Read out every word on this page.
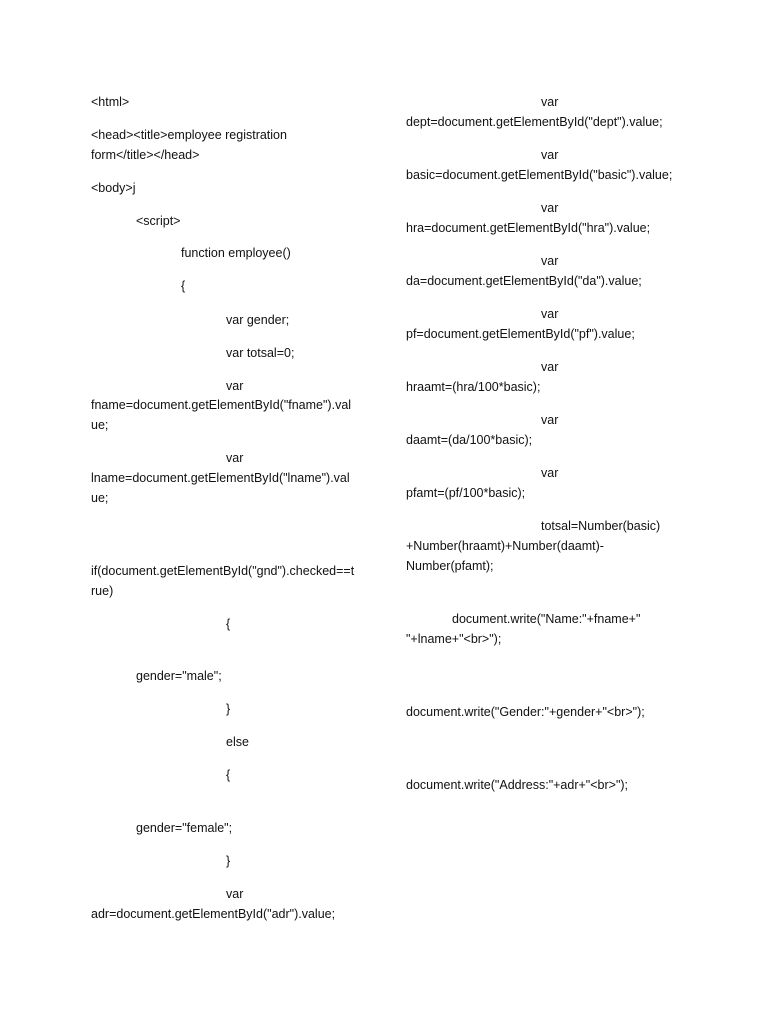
<html>
<head><title>employee registration
form</title></head>
<body>j
<script>
function employee()
{
var gender;
var totsal=0;
var
fname=document.getElementById("fname").val
ue;
var
lname=document.getElementById("lname").val
ue;
if(document.getElementById("gnd").checked==t
rue)
{
gender="male";
}
else
{
gender="female";
}
var
adr=document.getElementById("adr").value;
var
dept=document.getElementById("dept").value;
var
basic=document.getElementById("basic").value;
var
hra=document.getElementById("hra").value;
var
da=document.getElementById("da").value;
var
pf=document.getElementById("pf").value;
var
hraamt=(hra/100*basic);
var
daamt=(da/100*basic);
var
pfamt=(pf/100*basic);
totsal=Number(basic)
+Number(hraamt)+Number(daamt)-
Number(pfamt);
document.write("Name:"+fname+"
"+lname+"<br>");
document.write("Gender:"+gender+"<br>");
document.write("Address:"+adr+"<br>");
